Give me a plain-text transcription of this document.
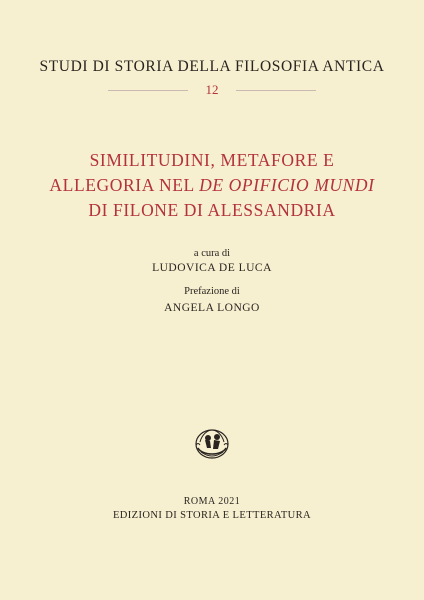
STUDI DI STORIA DELLA FILOSOFIA ANTICA
12
SIMILITUDINI, METAFORE E
ALLEGORIA NEL DE OPIFICIO MUNDI
DI FILONE DI ALESSANDRIA
a cura di
LUDOVICA DE LUCA
Prefazione di
ANGELA LONGO
ROMA 2021
EDIZIONI DI STORIA E LETTERATURA
